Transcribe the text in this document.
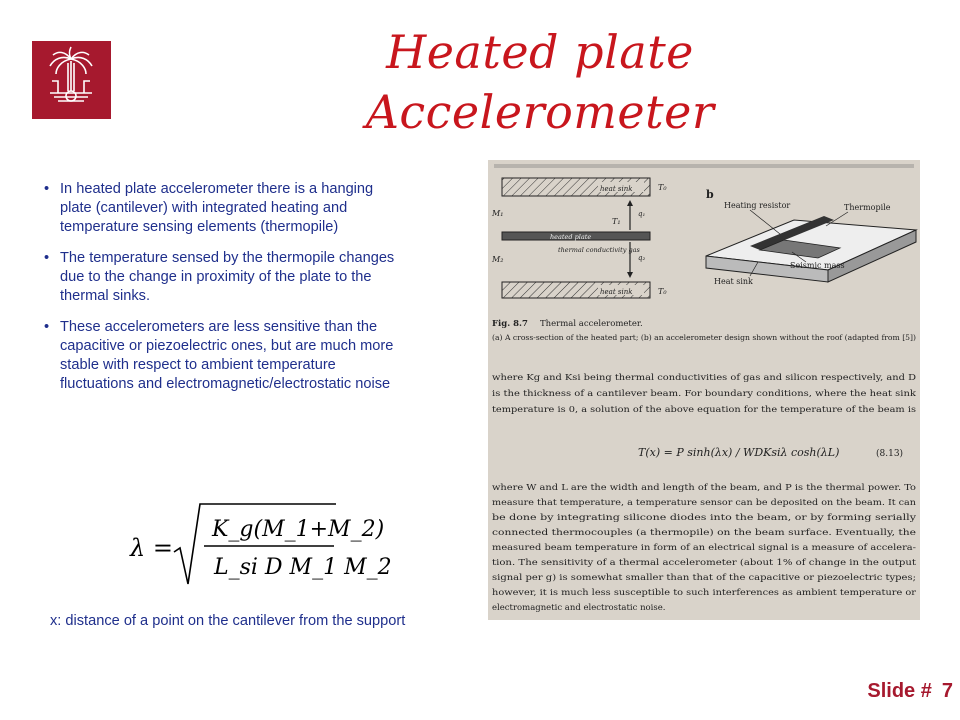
Heated plate Accelerometer
• In heated plate accelerometer there is a hanging plate (cantilever) with integrated heating and temperature sensing elements (thermopile)
• The temperature sensed by the thermopile changes due to the change in proximity of the plate to the thermal sinks.
• These accelerometers are less sensitive than the capacitive or piezoelectric ones, but are much more stable with respect to ambient temperature fluctuations and electromagnetic/electrostatic noise
λ =
K_g(M_1+M_2)
L_si D M_1 M_2
x: distance of a point on the cantilever from the support
heat sink
heated plate
thermal conductivity gas
heat sink
M₁
M₂
T₀
T₀
T₁
q₁
q₂
b
Heating resistor	Thermopile
Seismic mass
Heat sink
Fig. 8.7 Thermal accelerometer.
(a) A cross-section of the heated part; (b) an accelerometer design shown without the roof (adapted from [5])
where Kg and Ksi being thermal conductivities of gas and silicon respectively, and D
is the thickness of a cantilever beam. For boundary conditions, where the heat sink
temperature is 0, a solution of the above equation for the temperature of the beam is
T(x) = P sinh(λx) / WDKsiλ cosh(λL)	(8.13)
where W and L are the width and length of the beam, and P is the thermal power. To
measure that temperature, a temperature sensor can be deposited on the beam. It can
be done by integrating silicone diodes into the beam, or by forming serially
connected thermocouples (a thermopile) on the beam surface. Eventually, the
measured beam temperature in form of an electrical signal is a measure of accelera-
tion. The sensitivity of a thermal accelerometer (about 1% of change in the output
signal per g) is somewhat smaller than that of the capacitive or piezoelectric types;
however, it is much less susceptible to such interferences as ambient temperature or
electromagnetic and electrostatic noise.
Slide # 7
